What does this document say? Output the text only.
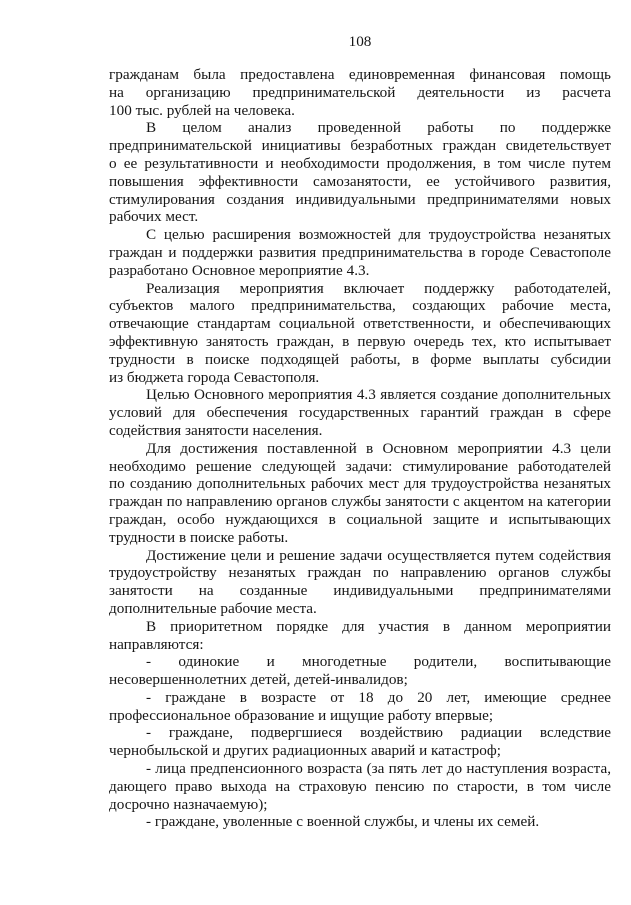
108
гражданам была предоставлена единовременная финансовая помощь
на организацию предпринимательской деятельности из расчета
100 тыс. рублей на человека.
В целом анализ проведенной работы по поддержке
предпринимательской инициативы безработных граждан свидетельствует
о ее результативности и необходимости продолжения, в том числе путем
повышения эффективности самозанятости, ее устойчивого развития,
стимулирования создания индивидуальными предпринимателями новых
рабочих мест.
С целью расширения возможностей для трудоустройства незанятых
граждан и поддержки развития предпринимательства в городе Севастополе
разработано Основное мероприятие 4.3.
Реализация мероприятия включает поддержку работодателей,
субъектов малого предпринимательства, создающих рабочие места,
отвечающие стандартам социальной ответственности, и обеспечивающих
эффективную занятость граждан, в первую очередь тех, кто испытывает
трудности в поиске подходящей работы, в форме выплаты субсидии
из бюджета города Севастополя.
Целью Основного мероприятия 4.3 является создание дополнительных
условий для обеспечения государственных гарантий граждан в сфере
содействия занятости населения.
Для достижения поставленной в Основном мероприятии 4.3 цели
необходимо решение следующей задачи: стимулирование работодателей
по созданию дополнительных рабочих мест для трудоустройства незанятых
граждан по направлению органов службы занятости с акцентом на категории
граждан, особо нуждающихся в социальной защите и испытывающих
трудности в поиске работы.
Достижение цели и решение задачи осуществляется путем содействия
трудоустройству незанятых граждан по направлению органов службы
занятости на созданные индивидуальными предпринимателями
дополнительные рабочие места.
В приоритетном порядке для участия в данном мероприятии
направляются:
- одинокие и многодетные родители, воспитывающие
несовершеннолетних детей, детей-инвалидов;
- граждане в возрасте от 18 до 20 лет, имеющие среднее
профессиональное образование и ищущие работу впервые;
- граждане, подвергшиеся воздействию радиации вследствие
чернобыльской и других радиационных аварий и катастроф;
- лица предпенсионного возраста (за пять лет до наступления возраста,
дающего право выхода на страховую пенсию по старости, в том числе
досрочно назначаемую);
- граждане, уволенные с военной службы, и члены их семей.
